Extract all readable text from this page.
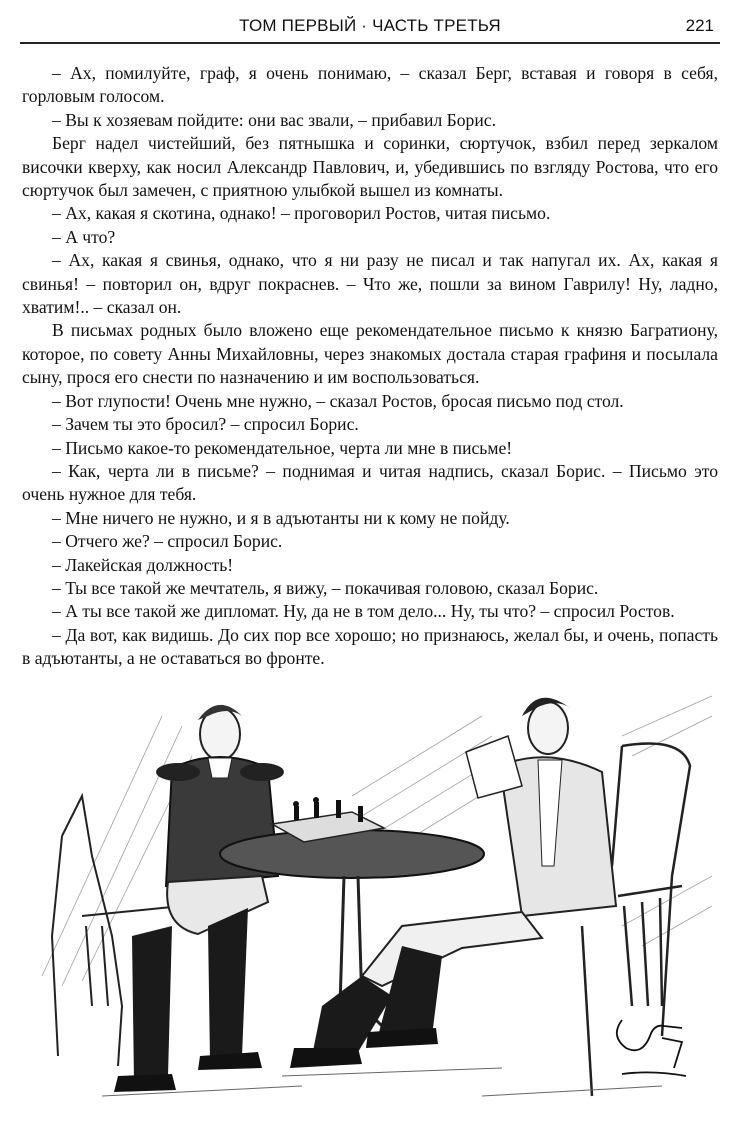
ТОМ ПЕРВЫЙ · ЧАСТЬ ТРЕТЬЯ	221

– Ах, помилуйте, граф, я очень понимаю, – сказал Берг, вставая и говоря в себя, горловым голосом.

– Вы к хозяевам пойдите: они вас звали, – прибавил Борис.

Берг надел чистейший, без пятнышка и соринки, сюртучок, взбил перед зеркалом височки кверху, как носил Александр Павлович, и, убедившись по взгляду Ростова, что его сюртучок был замечен, с приятною улыбкой вышел из комнаты.

– Ах, какая я скотина, однако! – проговорил Ростов, читая письмо.

– А что?

– Ах, какая я свинья, однако, что я ни разу не писал и так напугал их. Ах, какая я свинья! – повторил он, вдруг покраснев. – Что же, пошли за вином Гаврилу! Ну, ладно, хватим!.. – сказал он.

В письмах родных было вложено еще рекомендательное письмо к князю Багратиону, которое, по совету Анны Михайловны, через знакомых достала старая графиня и посылала сыну, прося его снести по назначению и им воспользоваться.

– Вот глупости! Очень мне нужно, – сказал Ростов, бросая письмо под стол.

– Зачем ты это бросил? – спросил Борис.

– Письмо какое-то рекомендательное, черта ли мне в письме!

– Как, черта ли в письме? – поднимая и читая надпись, сказал Борис. – Письмо это очень нужное для тебя.

– Мне ничего не нужно, и я в адъютанты ни к кому не пойду.

– Отчего же? – спросил Борис.

– Лакейская должность!

– Ты все такой же мечтатель, я вижу, – покачивая головою, сказал Борис.

– А ты все такой же дипломат. Ну, да не в том дело... Ну, ты что? – спросил Ростов.

– Да вот, как видишь. До сих пор все хорошо; но признаюсь, желал бы, и очень, попасть в адъютанты, а не оставаться во фронте.
